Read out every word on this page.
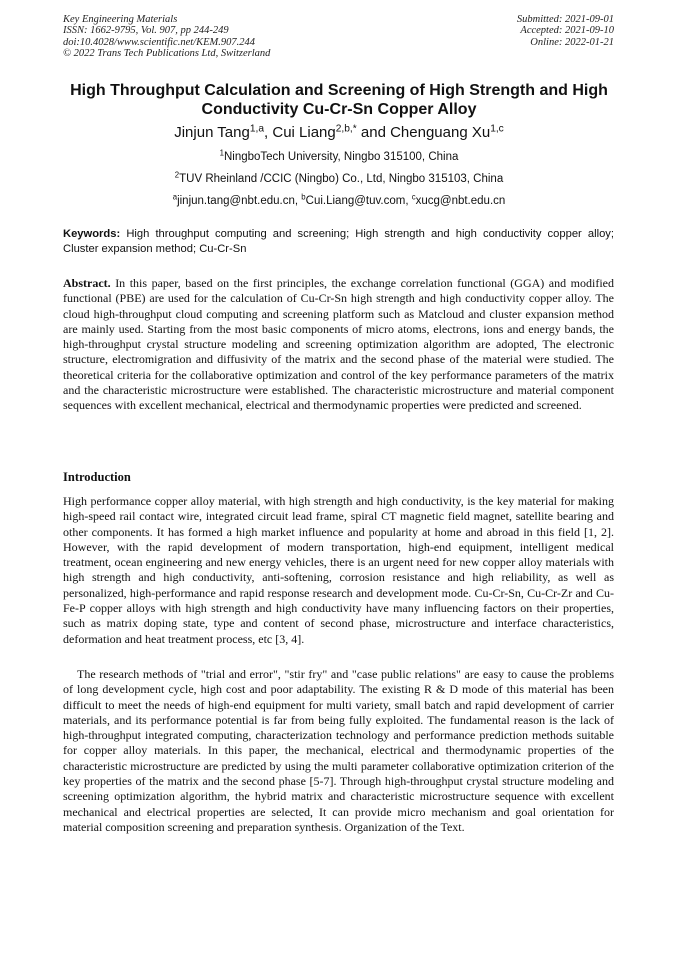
Key Engineering Materials
ISSN: 1662-9795, Vol. 907, pp 244-249
doi:10.4028/www.scientific.net/KEM.907.244
© 2022 Trans Tech Publications Ltd, Switzerland
Submitted: 2021-09-01
Accepted: 2021-09-10
Online: 2022-01-21
High Throughput Calculation and Screening of High Strength and High Conductivity Cu-Cr-Sn Copper Alloy
Jinjun Tang$^{1,a}$, Cui Liang$^{2,b,*}$ and Chenguang Xu$^{1,c}$
$^1$NingboTech University, Ningbo 315100, China
$^2$TUV Rheinland /CCIC (Ningbo) Co., Ltd, Ningbo 315103, China
$^a$jinjun.tang@nbt.edu.cn, $^b$Cui.Liang@tuv.com, $^c$xucg@nbt.edu.cn
Keywords: High throughput computing and screening; High strength and high conductivity copper alloy; Cluster expansion method; Cu-Cr-Sn
Abstract. In this paper, based on the first principles, the exchange correlation functional (GGA) and modified functional (PBE) are used for the calculation of Cu-Cr-Sn high strength and high conductivity copper alloy. The cloud high-throughput cloud computing and screening platform such as Matcloud and cluster expansion method are mainly used. Starting from the most basic components of micro atoms, electrons, ions and energy bands, the high-throughput crystal structure modeling and screening optimization algorithm are adopted, The electronic structure, electromigration and diffusivity of the matrix and the second phase of the material were studied. The theoretical criteria for the collaborative optimization and control of the key performance parameters of the matrix and the characteristic microstructure were established. The characteristic microstructure and material component sequences with excellent mechanical, electrical and thermodynamic properties were predicted and screened.
Introduction
High performance copper alloy material, with high strength and high conductivity, is the key material for making high-speed rail contact wire, integrated circuit lead frame, spiral CT magnetic field magnet, satellite bearing and other components. It has formed a high market influence and popularity at home and abroad in this field [1, 2]. However, with the rapid development of modern transportation, high-end equipment, intelligent medical treatment, ocean engineering and new energy vehicles, there is an urgent need for new copper alloy materials with high strength and high conductivity, anti-softening, corrosion resistance and high reliability, as well as personalized, high-performance and rapid response research and development mode. Cu-Cr-Sn, Cu-Cr-Zr and Cu-Fe-P copper alloys with high strength and high conductivity have many influencing factors on their properties, such as matrix doping state, type and content of second phase, microstructure and interface characteristics, deformation and heat treatment process, etc [3, 4].
The research methods of "trial and error", "stir fry" and "case public relations" are easy to cause the problems of long development cycle, high cost and poor adaptability. The existing R & D mode of this material has been difficult to meet the needs of high-end equipment for multi variety, small batch and rapid development of carrier materials, and its performance potential is far from being fully exploited. The fundamental reason is the lack of high-throughput integrated computing, characterization technology and performance prediction methods suitable for copper alloy materials. In this paper, the mechanical, electrical and thermodynamic properties of the characteristic microstructure are predicted by using the multi parameter collaborative optimization criterion of the key properties of the matrix and the second phase [5-7]. Through high-throughput crystal structure modeling and screening optimization algorithm, the hybrid matrix and characteristic microstructure sequence with excellent mechanical and electrical properties are selected, It can provide micro mechanism and goal orientation for material composition screening and preparation synthesis. Organization of the Text.
